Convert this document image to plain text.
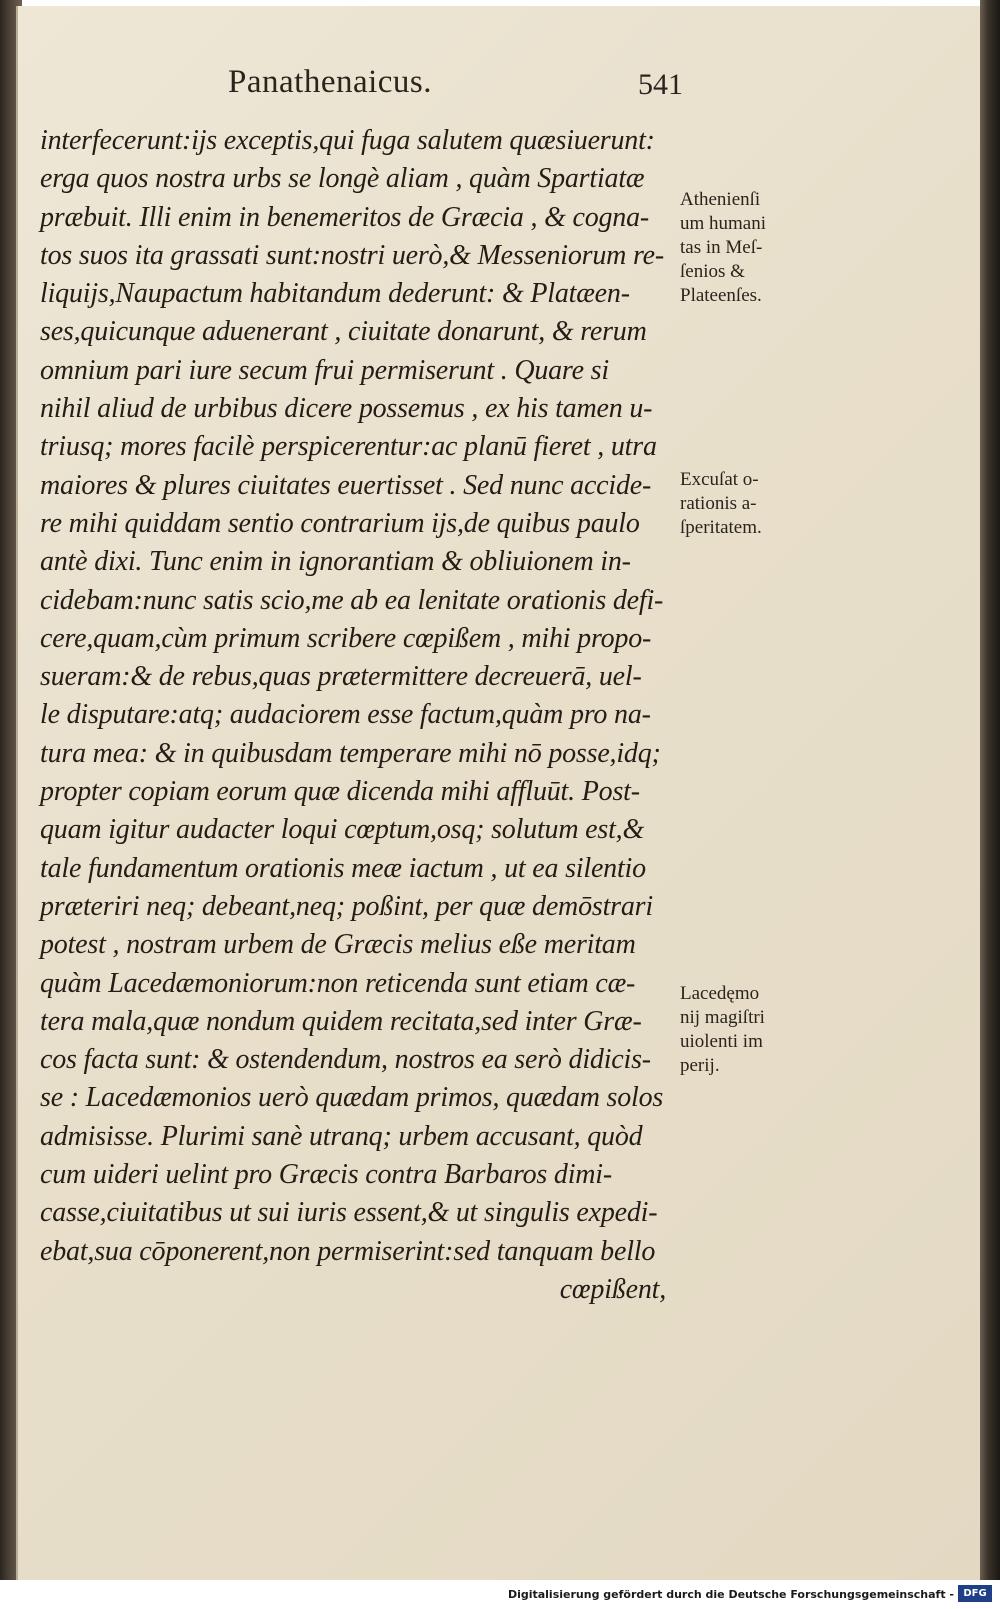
Panathenaicus.	541
interfecerunt:ijs exceptis,qui fuga salutem quæsiuerunt:
erga quos nostra urbs se longè aliam , quàm Spartiatæ
præbuit. Illi enim in benemeritos de Græcia , & cogna-
tos suos ita grassati sunt:nostri uerò,& Messeniorum re-
liquijs,Naupactum habitandum dederunt: & Platæen-
ses,quicunque aduenerant , ciuitate donarunt, & rerum
omnium pari iure secum frui permiserunt . Quare si
nihil aliud de urbibus dicere possemus , ex his tamen u-
triusq; mores facilè perspicerentur:ac planū fieret , utra
maiores & plures ciuitates euertisset . Sed nunc accide-
re mihi quiddam sentio contrarium ijs,de quibus paulo
antè dixi. Tunc enim in ignorantiam & obliuionem in-
cidebam:nunc satis scio,me ab ea lenitate orationis defi-
cere,quam,cùm primum scribere cœpißem , mihi propo-
sueram:& de rebus,quas prætermittere decreuerā, uel-
le disputare:atq; audaciorem esse factum,quàm pro na-
tura mea: & in quibusdam temperare mihi nō posse,idq;
propter copiam eorum quæ dicenda mihi affluūt. Post-
quam igitur audacter loqui cœptum,osq; solutum est,&
tale fundamentum orationis meæ iactum , ut ea silentio
præteriri neq; debeant,neq; poßint, per quæ demōstrari
potest , nostram urbem de Græcis melius eße meritam
quàm Lacedæmoniorum:non reticenda sunt etiam cæ-
tera mala,quæ nondum quidem recitata,sed inter Græ-
cos facta sunt: & ostendendum, nostros ea serò didicis-
se : Lacedæmonios uerò quædam primos, quædam solos
admisisse. Plurimi sanè utranq; urbem accusant, quòd
cum uideri uelint pro Græcis contra Barbaros dimi-
casse,ciuitatibus ut sui iuris essent,& ut singulis expedi-
ebat,sua cōponerent,non permiserint:sed tanquam bello
cœpißent,
Athenienſi
um humani
tas in Meſ-
ſenios &
Plateenſes.
Excuſat o-
rationis a-
ſperitatem.
Lacedęmo
nij magiſtri
uiolenti im
perij.
Digitalisierung gefördert durch die Deutsche Forschungsgemeinschaft - DFG
